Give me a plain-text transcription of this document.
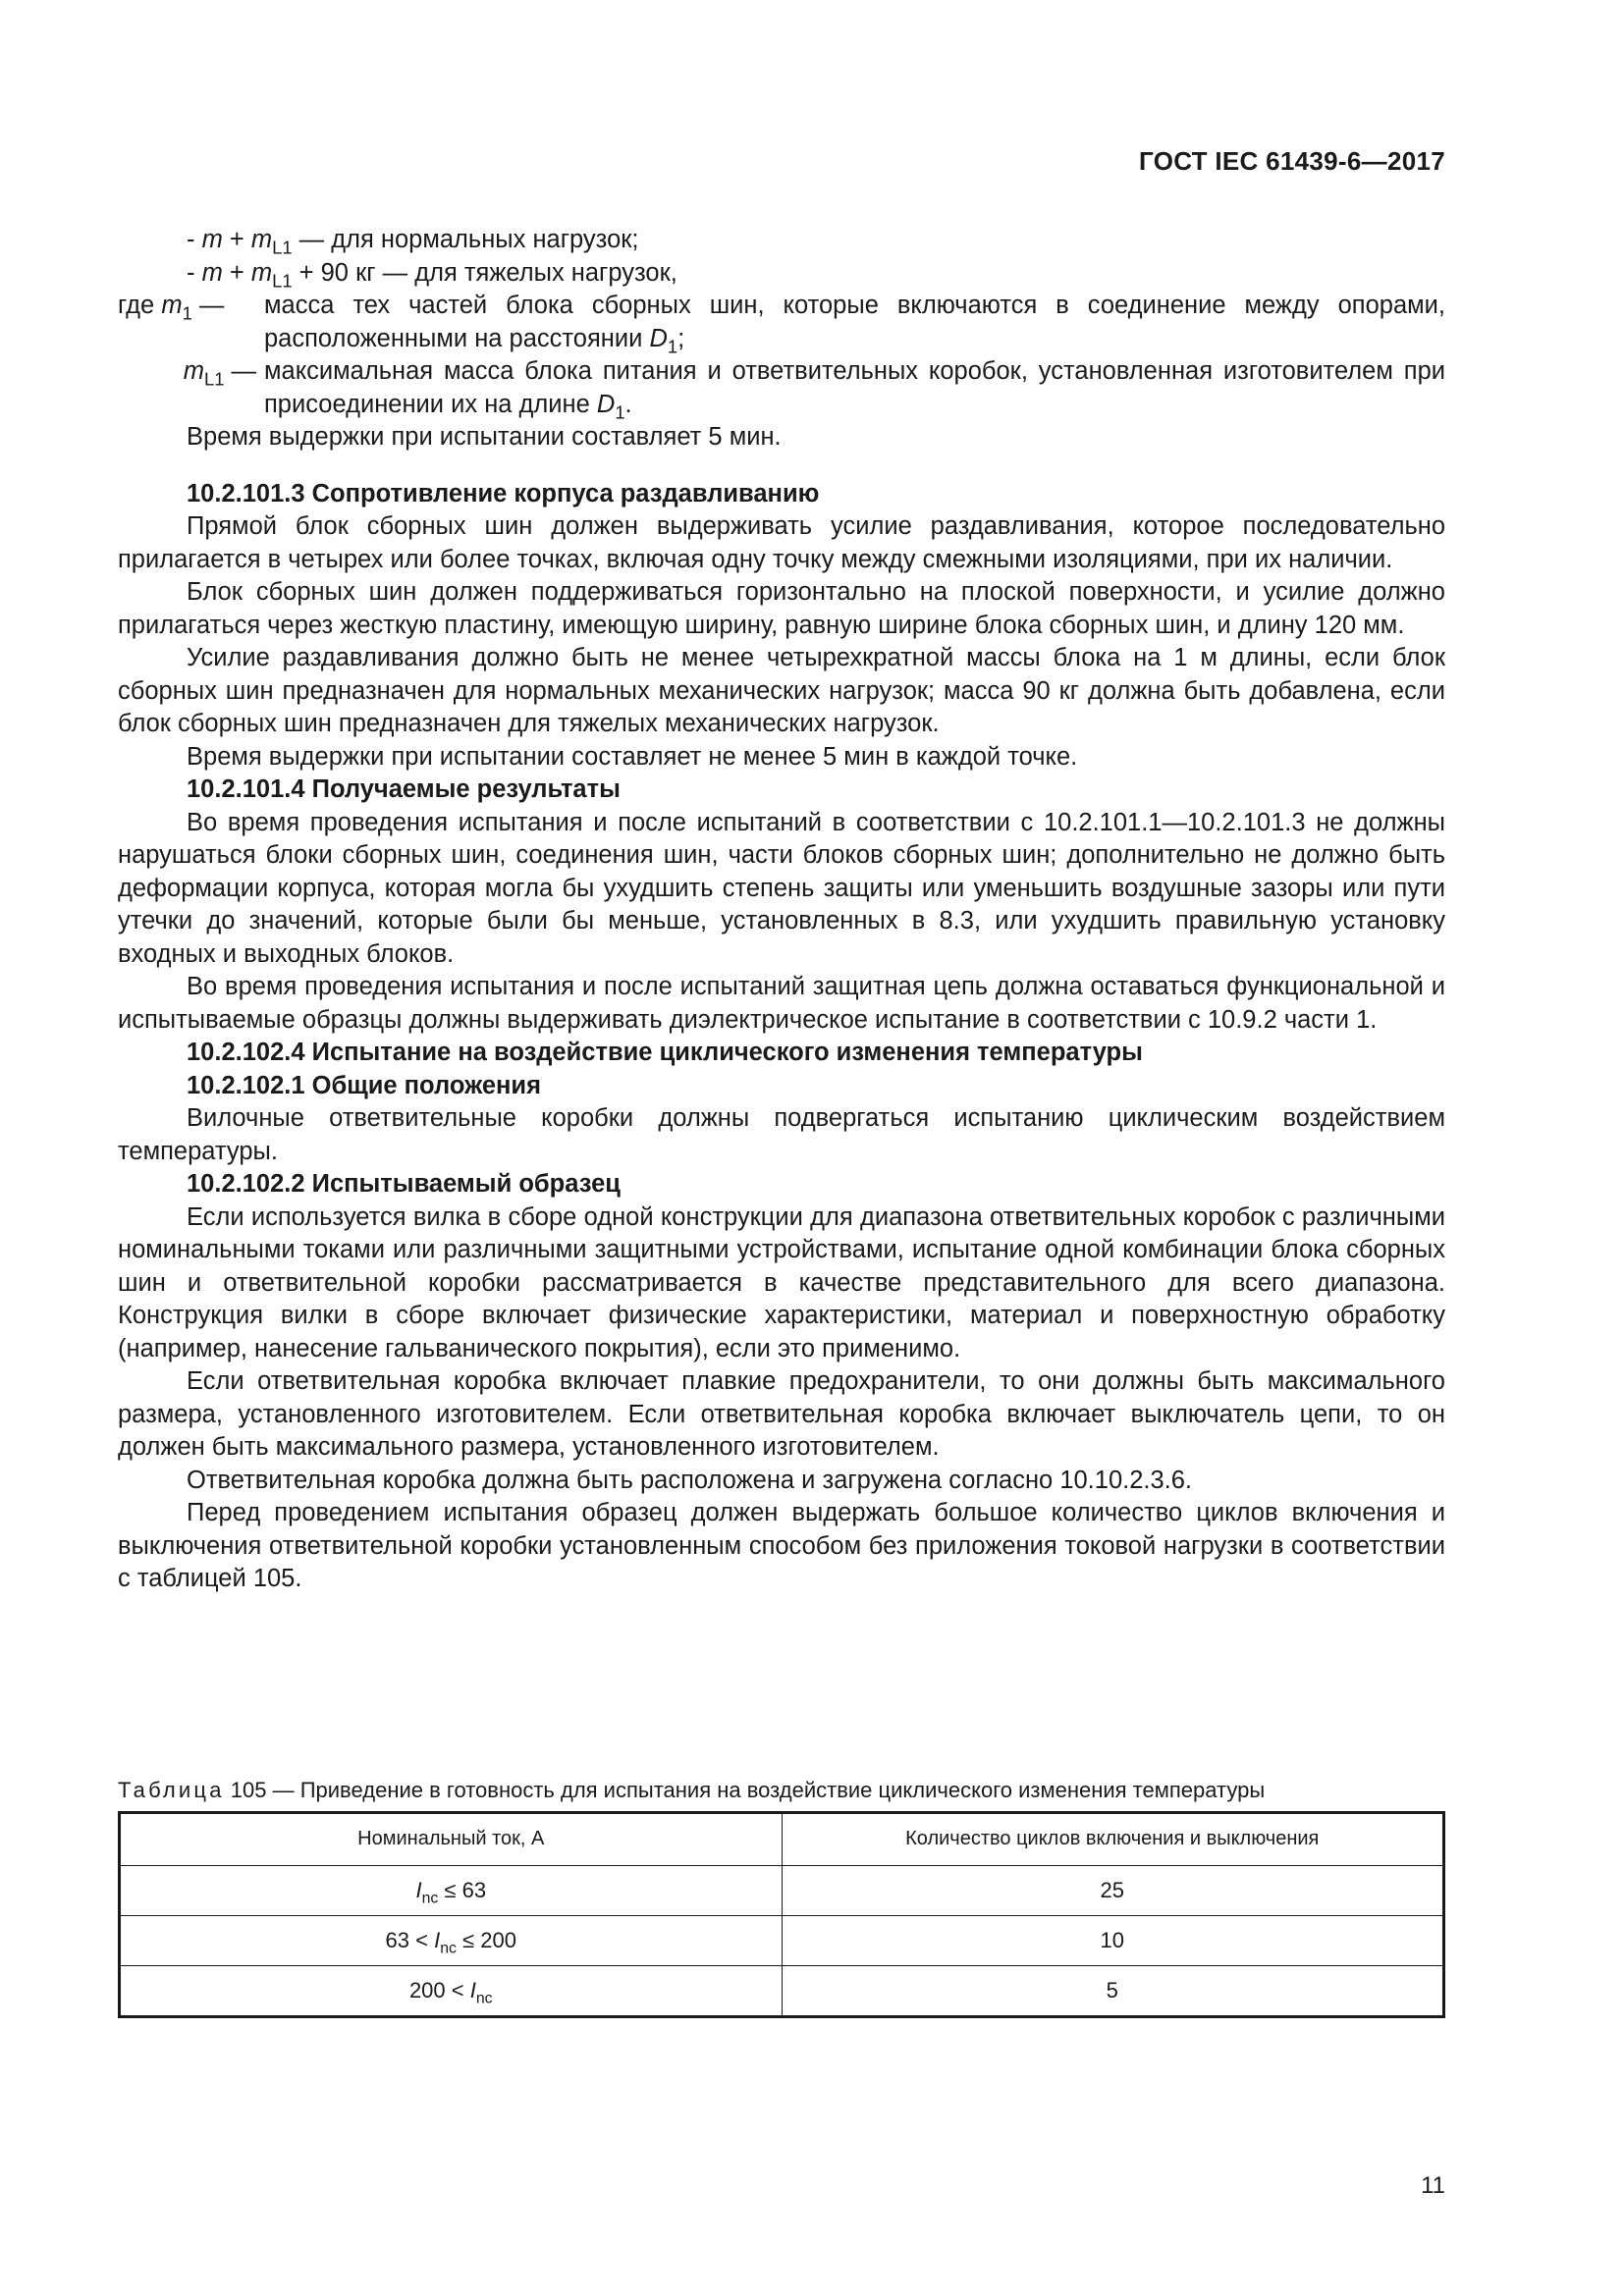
ГОСТ IEC 61439-6—2017
- $m + m_{L1}$ — для нормальных нагрузок;
- $m + m_{L1} + 90$ кг — для тяжелых нагрузок,
где $m_1$ —	масса тех частей блока сборных шин, которые включаются в соединение между опорами, расположенными на расстоянии $D_1$;
$m_{L1}$ — максимальная масса блока питания и ответвительных коробок, установленная изготовителем при присоединении их на длине $D_1$.

Время выдержки при испытании составляет 5 мин.

10.2.101.3 Сопротивление корпуса раздавливанию

Прямой блок сборных шин должен выдерживать усилие раздавливания, которое последовательно прилагается в четырех или более точках, включая одну точку между смежными изоляциями, при их наличии.

Блок сборных шин должен поддерживаться горизонтально на плоской поверхности, и усилие должно прилагаться через жесткую пластину, имеющую ширину, равную ширине блока сборных шин, и длину 120 мм.

Усилие раздавливания должно быть не менее четырехкратной массы блока на 1 м длины, если блок сборных шин предназначен для нормальных механических нагрузок; масса 90 кг должна быть добавлена, если блок сборных шин предназначен для тяжелых механических нагрузок.

Время выдержки при испытании составляет не менее 5 мин в каждой точке.

10.2.101.4 Получаемые результаты

Во время проведения испытания и после испытаний в соответствии с 10.2.101.1—10.2.101.3 не должны нарушаться блоки сборных шин, соединения шин, части блоков сборных шин; дополнительно не должно быть деформации корпуса, которая могла бы ухудшить степень защиты или уменьшить воздушные зазоры или пути утечки до значений, которые были бы меньше, установленных в 8.3, или ухудшить правильную установку входных и выходных блоков.

Во время проведения испытания и после испытаний защитная цепь должна оставаться функциональной и испытываемые образцы должны выдерживать диэлектрическое испытание в соответствии с 10.9.2 части 1.

10.2.102.4 Испытание на воздействие циклического изменения температуры
10.2.102.1 Общие положения

Вилочные ответвительные коробки должны подвергаться испытанию циклическим воздействием температуры.

10.2.102.2 Испытываемый образец

Если используется вилка в сборе одной конструкции для диапазона ответвительных коробок с различными номинальными токами или различными защитными устройствами, испытание одной комбинации блока сборных шин и ответвительной коробки рассматривается в качестве представительного для всего диапазона. Конструкция вилки в сборе включает физические характеристики, материал и поверхностную обработку (например, нанесение гальванического покрытия), если это применимо.

Если ответвительная коробка включает плавкие предохранители, то они должны быть максимального размера, установленного изготовителем. Если ответвительная коробка включает выключатель цепи, то он должен быть максимального размера, установленного изготовителем.

Ответвительная коробка должна быть расположена и загружена согласно 10.10.2.3.6.

Перед проведением испытания образец должен выдержать большое количество циклов включения и выключения ответвительной коробки установленным способом без приложения токовой нагрузки в соответствии с таблицей 105.

Таблица 105 — Приведение в готовность для испытания на воздействие циклического изменения температуры
Номинальный ток, А	Количество циклов включения и выключения
$I_{nc} \le 63$	25
$63 < I_{nc} \le 200$	10
$200 < I_{nc}$	5
11
